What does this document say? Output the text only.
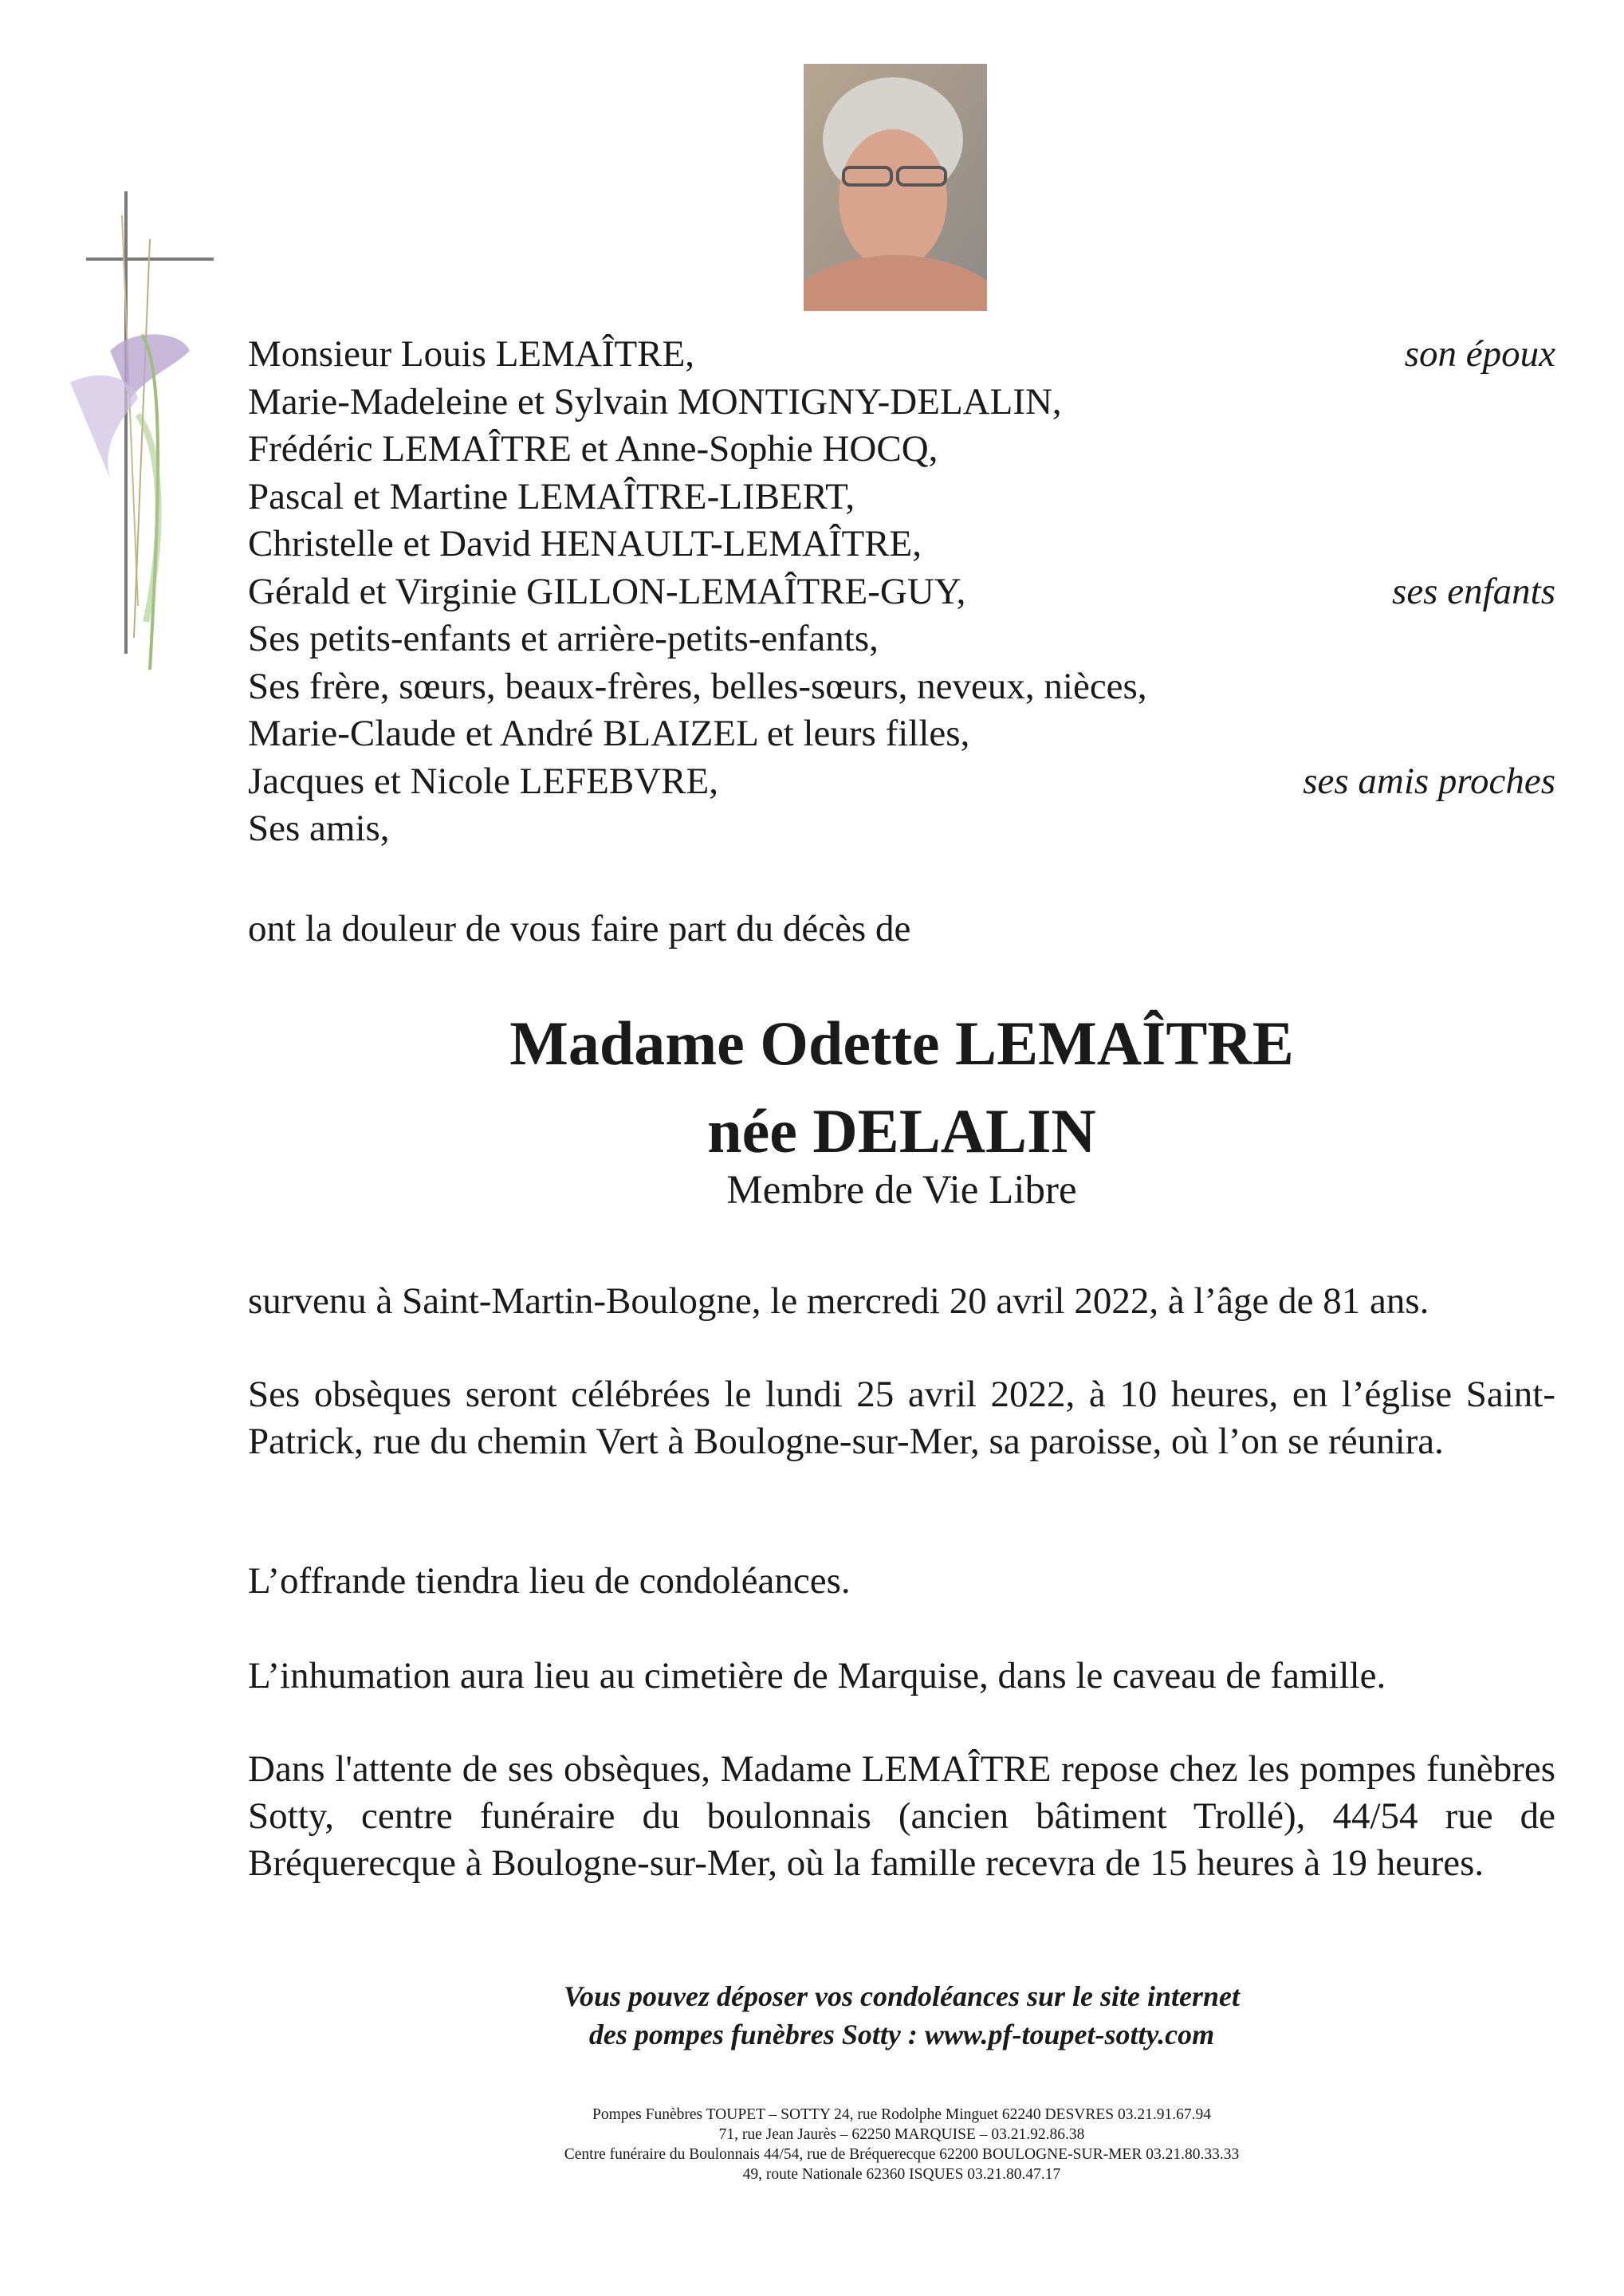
Monsieur Louis LEMAÎTRE,	son époux
Marie-Madeleine et Sylvain MONTIGNY-DELALIN,
Frédéric LEMAÎTRE et Anne-Sophie HOCQ,
Pascal et Martine LEMAÎTRE-LIBERT,
Christelle et David HENAULT-LEMAÎTRE,
Gérald et Virginie GILLON-LEMAÎTRE-GUY,	ses enfants
Ses petits-enfants et arrière-petits-enfants,
Ses frère, sœurs, beaux-frères, belles-sœurs, neveux, nièces,
Marie-Claude et André BLAIZEL et leurs filles,
Jacques et Nicole LEFEBVRE,	ses amis proches
Ses amis,
ont la douleur de vous faire part du décès de
Madame Odette LEMAÎTRE
née DELALIN
Membre de Vie Libre
survenu à Saint-Martin-Boulogne, le mercredi 20 avril 2022, à l’âge de 81 ans.
Ses obsèques seront célébrées le lundi 25 avril 2022, à 10 heures, en l’église Saint-Patrick, rue du chemin Vert à Boulogne-sur-Mer, sa paroisse, où l’on se réunira.
L’offrande tiendra lieu de condoléances.
L’inhumation aura lieu au cimetière de Marquise, dans le caveau de famille.
Dans l'attente de ses obsèques, Madame LEMAÎTRE repose chez les pompes funèbres Sotty, centre funéraire du boulonnais (ancien bâtiment Trollé), 44/54 rue de Bréquerecque à Boulogne-sur-Mer, où la famille recevra de 15 heures à 19 heures.
Vous pouvez déposer vos condoléances sur le site internet
des pompes funèbres Sotty : www.pf-toupet-sotty.com
Pompes Funèbres TOUPET – SOTTY 24, rue Rodolphe Minguet 62240 DESVRES 03.21.91.67.94
71, rue Jean Jaurès – 62250 MARQUISE – 03.21.92.86.38
Centre funéraire du Boulonnais 44/54, rue de Bréquerecque 62200 BOULOGNE-SUR-MER 03.21.80.33.33
49, route Nationale 62360 ISQUES 03.21.80.47.17
